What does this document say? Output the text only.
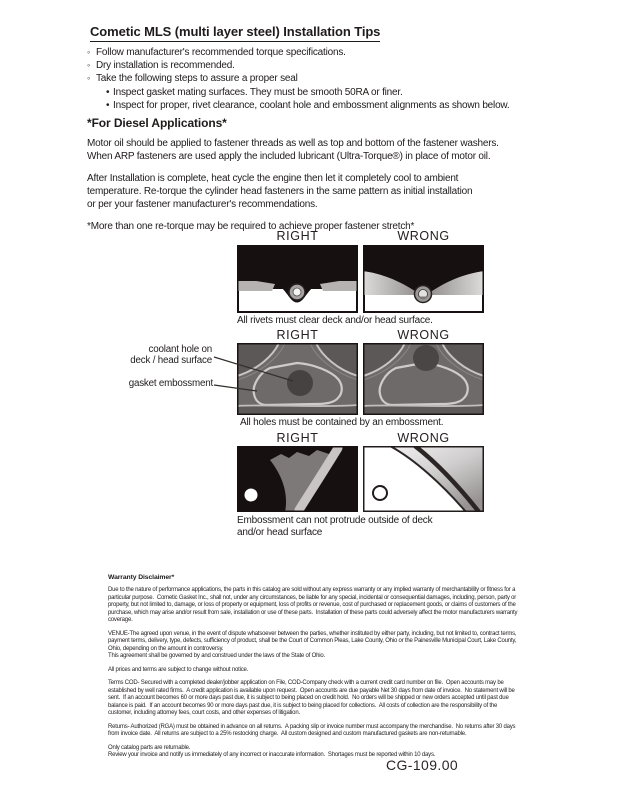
Cometic MLS (multi layer steel) Installation Tips
◦ Follow manufacturer's recommended torque specifications.
◦ Dry installation is recommended.
◦ Take the following steps to assure a proper seal
• Inspect gasket mating surfaces. They must be smooth 50RA or finer.
• Inspect for proper, rivet clearance, coolant hole and embossment alignments as shown below.
*For Diesel Applications*

Motor oil should be applied to fastener threads as well as top and bottom of the fastener washers.
When ARP fasteners are used apply the included lubricant (Ultra-Torque®) in place of motor oil.

After Installation is complete, heat cycle the engine then let it completely cool to ambient
temperature. Re-torque the cylinder head fasteners in the same pattern as initial installation
or per your fastener manufacturer's recommendations.

*More than one re-torque may be required to achieve proper fastener stretch*

RIGHT	WRONG
All rivets must clear deck and/or head surface.
RIGHT	WRONG
coolant hole on
deck / head surface
gasket embossment
All holes must be contained by an embossment.
RIGHT	WRONG
Embossment can not protrude outside of deck
and/or head surface
Warranty Disclaimer*

Due to the nature of performance applications, the parts in this catalog are sold without any express warranty or any implied warranty of merchantability or fitness for a particular purpose.  Cometic Gasket Inc., shall not, under any circumstances, be liable for any special, incidental or consequential damages, including, person, party or property, but not limited to, damage, or loss of property or equipment, loss of profits or revenue, cost of purchased or replacement goods, or claims of customers of the purchase, which may arise and/or result from sale, installation or use of these parts.  Installation of these parts could adversely affect the motor manufacturers warranty coverage.

VENUE-The agreed upon venue, in the event of dispute whatsoever between the parties, whether instituted by either party, including, but not limited to, contract terms, payment terms, delivery, type, defects, sufficiency of product, shall be the Court of Common Pleas, Lake County, Ohio or the Painesville Municipal Court, Lake County, Ohio, depending on the amount in controversy.
This agreement shall be governed by and construed under the laws of the State of Ohio.

All prices and terms are subject to change without notice.

Terms COD- Secured with a completed dealer/jobber application on File, COD-Company check with a current credit card number on file.  Open accounts may be established by well rated firms.  A credit application is available upon request.  Open accounts are due payable Net 30 days from date of invoice.  No statement will be sent.  If an account becomes 60 or more days past due, it is subject to being placed on credit hold.  No orders will be shipped or new orders accepted until past due balance is paid.  If an account becomes 90 or more days past due, it is subject to being placed for collections.  All costs of collection are the responsibility of the customer, including attorney fees, court costs, and other expenses of litigation.

Returns- Authorized (RGA) must be obtained in advance on all returns.  A packing slip or invoice number must accompany the merchandise.  No returns after 30 days from invoice date.  All returns are subject to a 25% restocking charge.  All custom designed and custom manufactured gaskets are non-returnable.

Only catalog parts are returnable.
Review your invoice and notify us immediately of any incorrect or inaccurate information.  Shortages must be reported within 10 days.

CG-109.00
